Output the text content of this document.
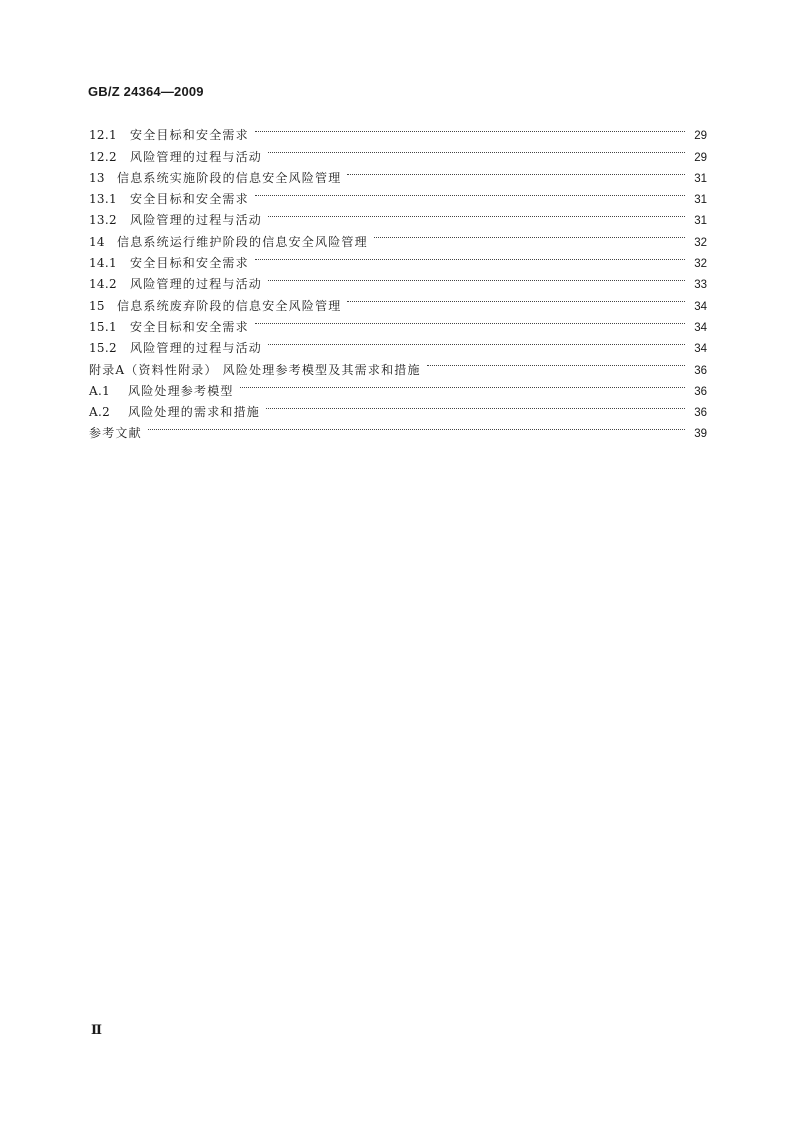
GB/Z 24364—2009
12.1	安全目标和安全需求	29
12.2	风险管理的过程与活动	29
13	信息系统实施阶段的信息安全风险管理	31
13.1	安全目标和安全需求	31
13.2	风险管理的过程与活动	31
14	信息系统运行维护阶段的信息安全风险管理	32
14.1	安全目标和安全需求	32
14.2	风险管理的过程与活动	33
15	信息系统废弃阶段的信息安全风险管理	34
15.1	安全目标和安全需求	34
15.2	风险管理的过程与活动	34
附录A（资料性附录） 风险处理参考模型及其需求和措施	36
A.1	风险处理参考模型	36
A.2	风险处理的需求和措施	36
参考文献	39
Ⅱ
